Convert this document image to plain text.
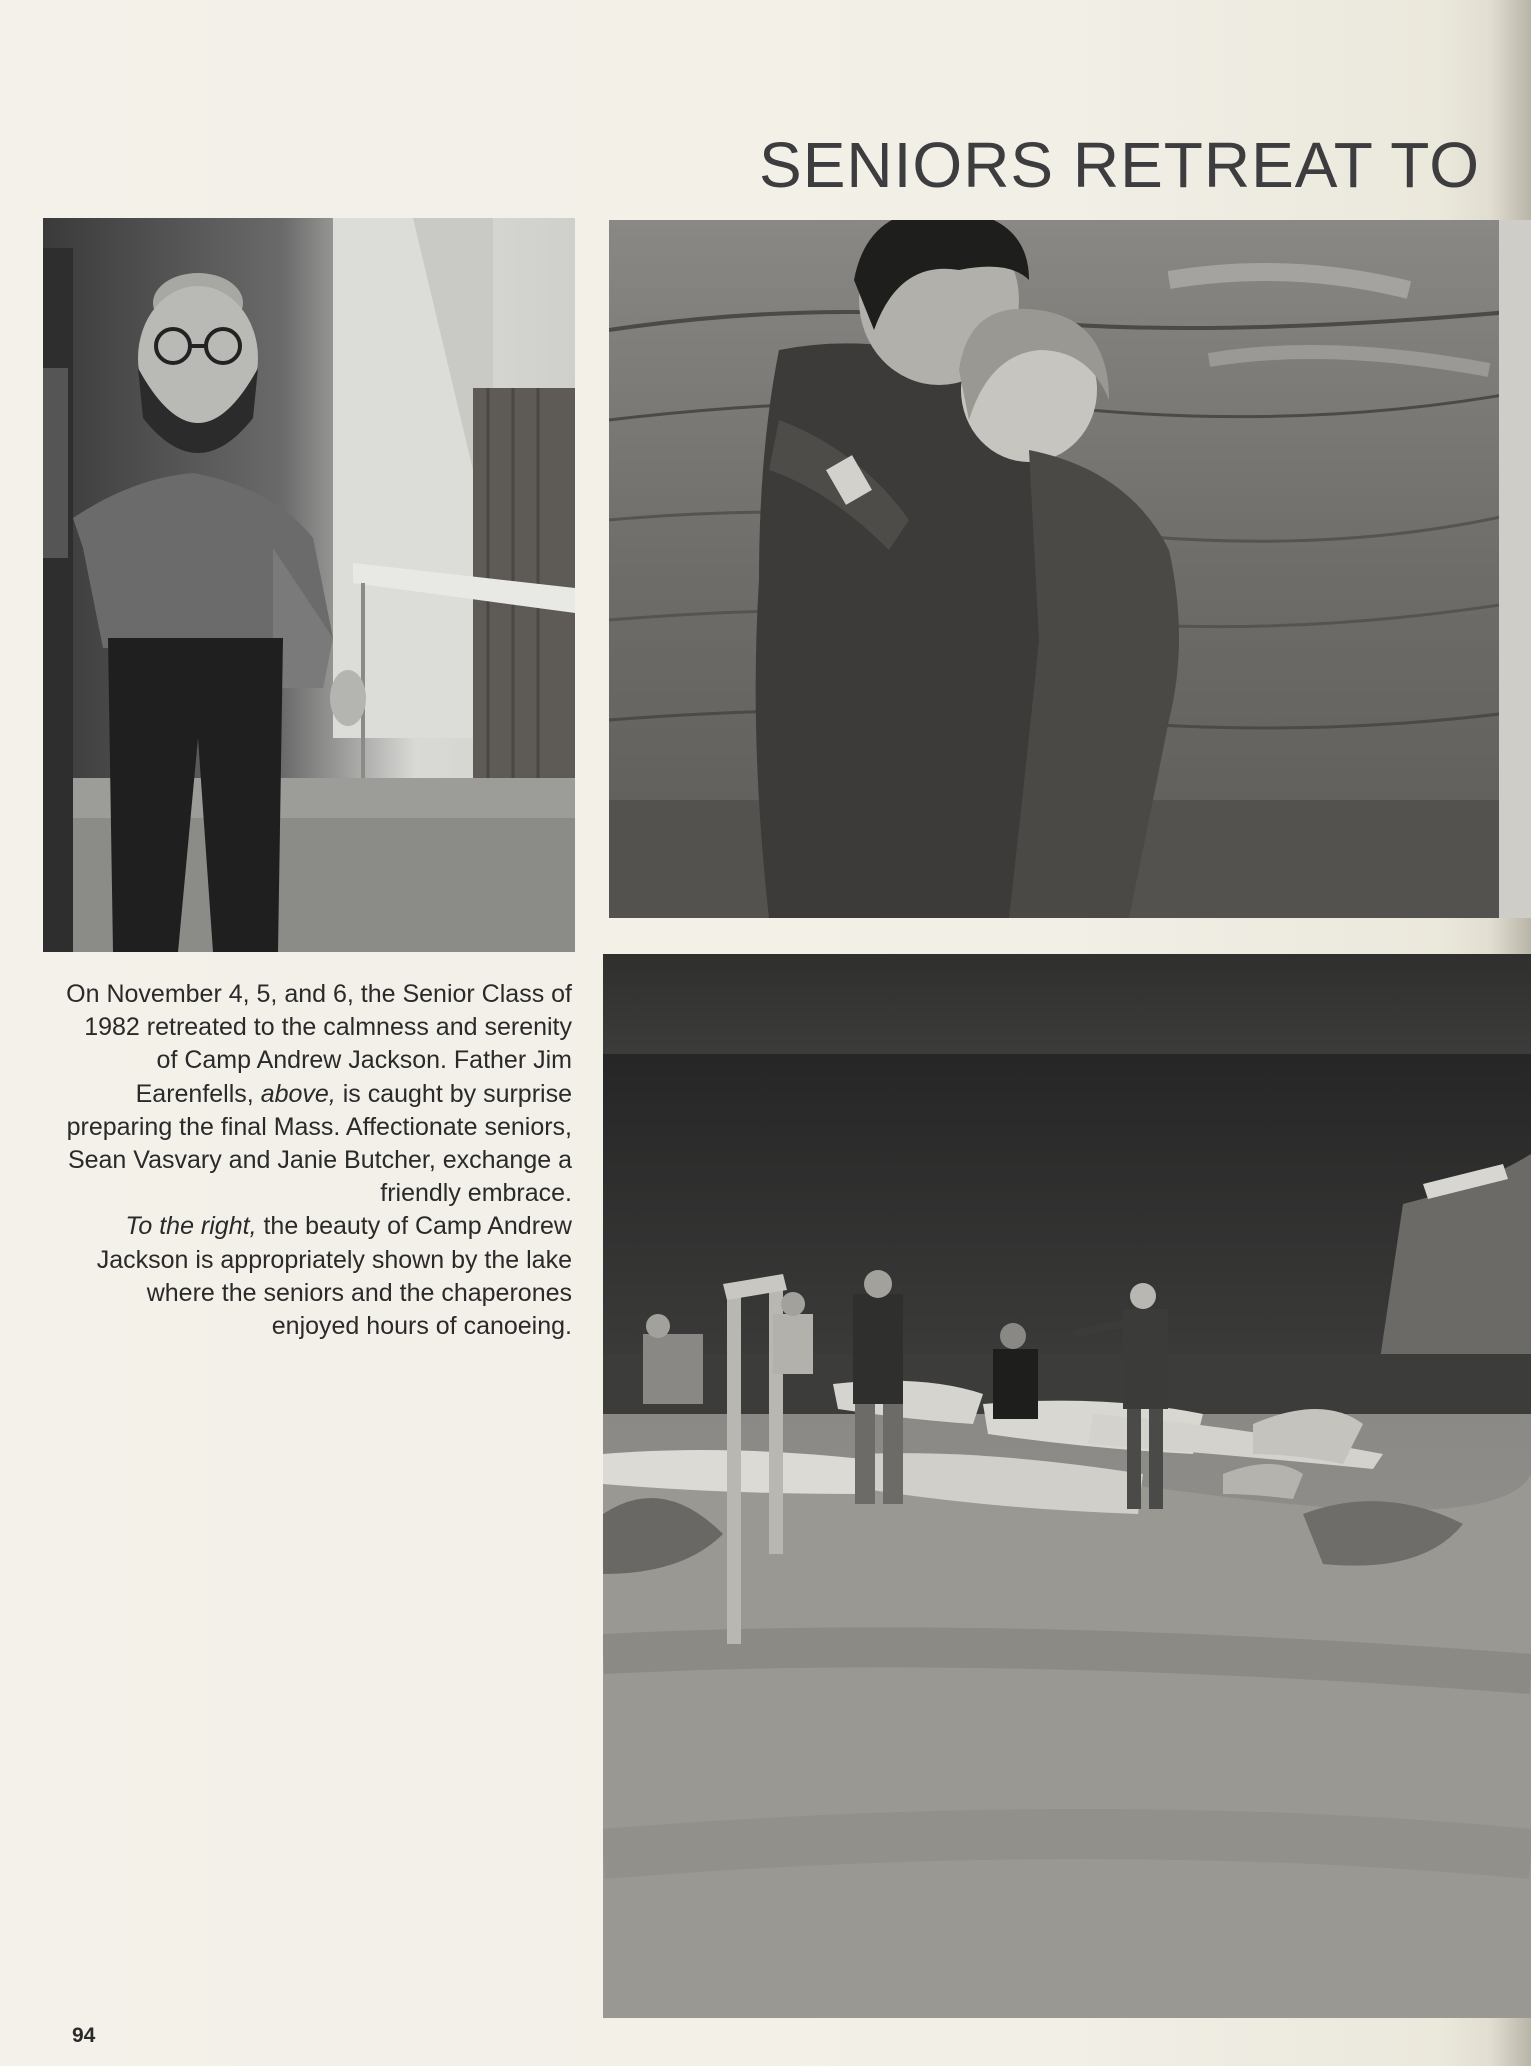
SENIORS RETREAT TO
On November 4, 5, and 6, the Senior Class of 1982 retreated to the calmness and serenity of Camp Andrew Jackson. Father Jim Earenfells, above, is caught by surprise preparing the final Mass. Affectionate seniors, Sean Vasvary and Janie Butcher, exchange a friendly embrace.
To the right, the beauty of Camp Andrew Jackson is appropriately shown by the lake where the seniors and the chaperones enjoyed hours of canoeing.
94
